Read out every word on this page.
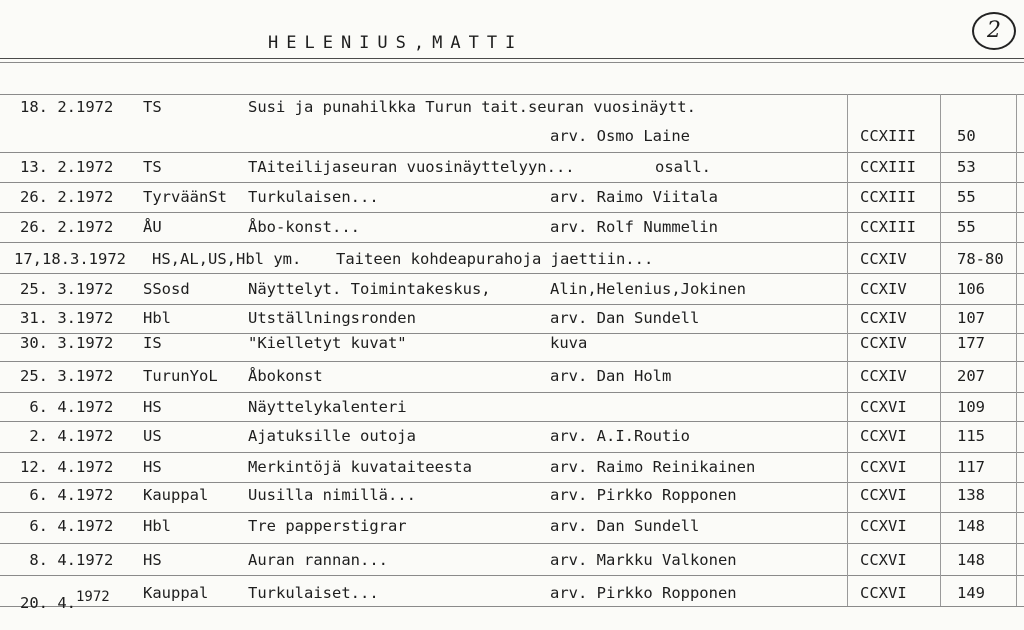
HELENIUS,MATTI	2
18. 2.1972 TS	Susi ja punahilkka Turun tait.seuran vuosinäytt.
arv. Osmo Laine	CCXIII	50
13. 2.1972 TS	TAiteilijaseuran vuosinäyttelyyn...	osall.	CCXIII	53
26. 2.1972 TyrväänSt Turkulaisen...	arv. Raimo Viitala	CCXIII	55
26. 2.1972 ÅU	Åbo-konst...	arv. Rolf Nummelin	CCXIII	55
17,18.3.1972 HS,AL,US,Hbl ym. Taiteen kohdeapurahoja jaettiin...	CCXIV	78-80
25. 3.1972 SSosd	Näyttelyt. Toimintakeskus,	Alin,Helenius,Jokinen	CCXIV	106
31. 3.1972 Hbl	Utställningsronden	arv. Dan Sundell	CCXIV	107
30. 3.1972 IS	"Kielletyt kuvat"	kuva	CCXIV	177
25. 3.1972 TurunYoL Åbokonst	arv. Dan Holm	CCXIV	207
6. 4.1972 HS	Näyttelykalenteri	CCXVI	109
2. 4.1972 US	Ajatuksille outoja	arv. A.I.Routio	CCXVI	115
12. 4.1972 HS	Merkintöjä kuvataiteesta	arv. Raimo Reinikainen	CCXVI	117
6. 4.1972 Kauppal	Uusilla nimillä...	arv. Pirkko Ropponen	CCXVI	138
6. 4.1972 Hbl	Tre papperstigrar	arv. Dan Sundell	CCXVI	148
8. 4.1972 HS	Auran rannan...	arv. Markku Valkonen	CCXVI	148
20. 4.1972 Kauppal	Turkulaiset...	arv. Pirkko Ropponen	CCXVI	149
